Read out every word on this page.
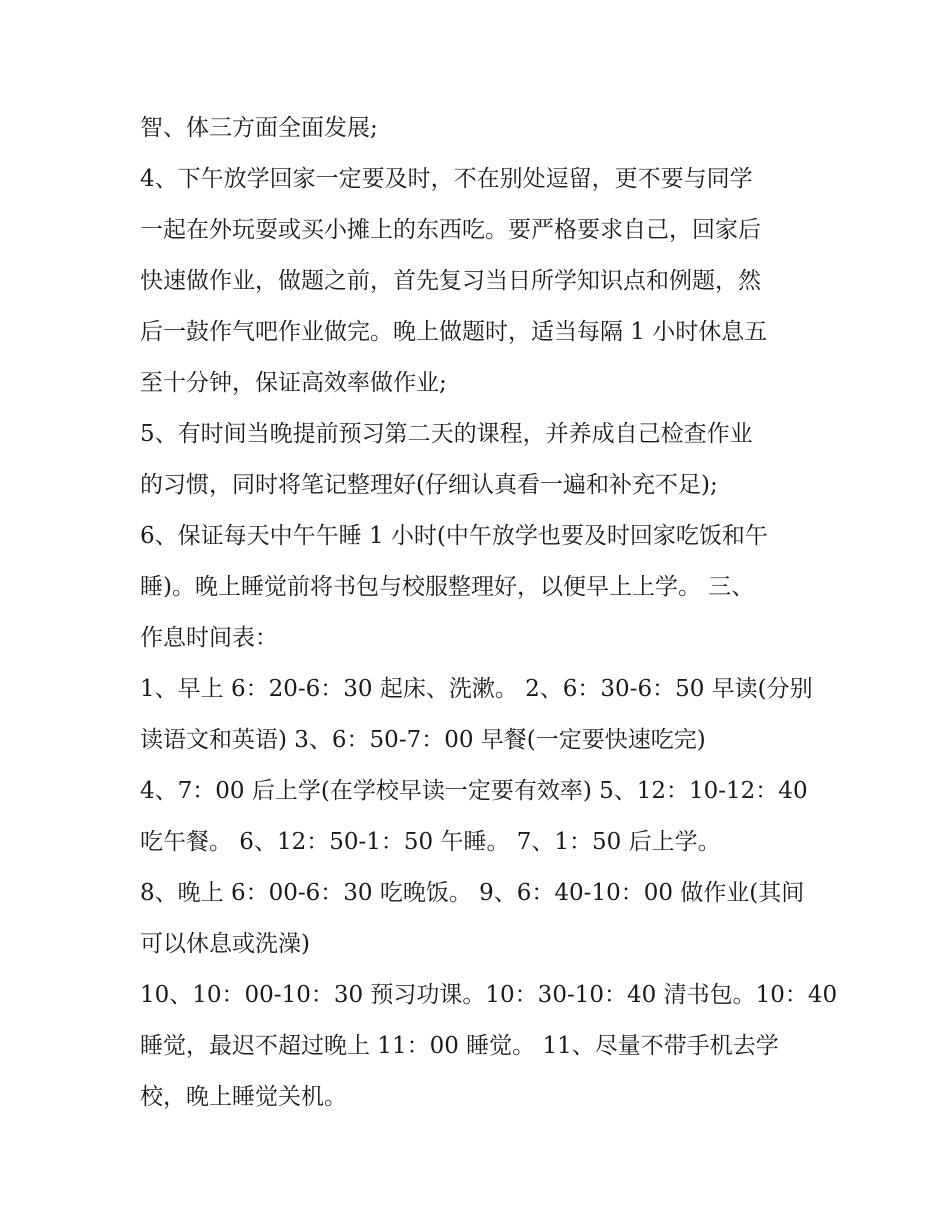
智、体三方面全面发展;
4、下午放学回家一定要及时，不在别处逗留，更不要与同学
一起在外玩耍或买小摊上的东西吃。要严格要求自己，回家后
快速做作业，做题之前，首先复习当日所学知识点和例题，然
后一鼓作气吧作业做完。晚上做题时，适当每隔 1 小时休息五
至十分钟，保证高效率做作业;
5、有时间当晚提前预习第二天的课程，并养成自己检查作业
的习惯，同时将笔记整理好(仔细认真看一遍和补充不足);
6、保证每天中午午睡 1 小时(中午放学也要及时回家吃饭和午
睡)。晚上睡觉前将书包与校服整理好，以便早上上学。 三、
作息时间表：
1、早上 6：20-6：30 起床、洗漱。 2、6：30-6：50 早读(分别
读语文和英语) 3、6：50-7：00 早餐(一定要快速吃完)
4、7：00 后上学(在学校早读一定要有效率) 5、12：10-12：40
吃午餐。 6、12：50-1：50 午睡。 7、1：50 后上学。
8、晚上 6：00-6：30 吃晚饭。 9、6：40-10：00 做作业(其间
可以休息或洗澡)
10、10：00-10：30 预习功课。10：30-10：40 清书包。10：40
睡觉，最迟不超过晚上 11：00 睡觉。 11、尽量不带手机去学
校，晚上睡觉关机。
